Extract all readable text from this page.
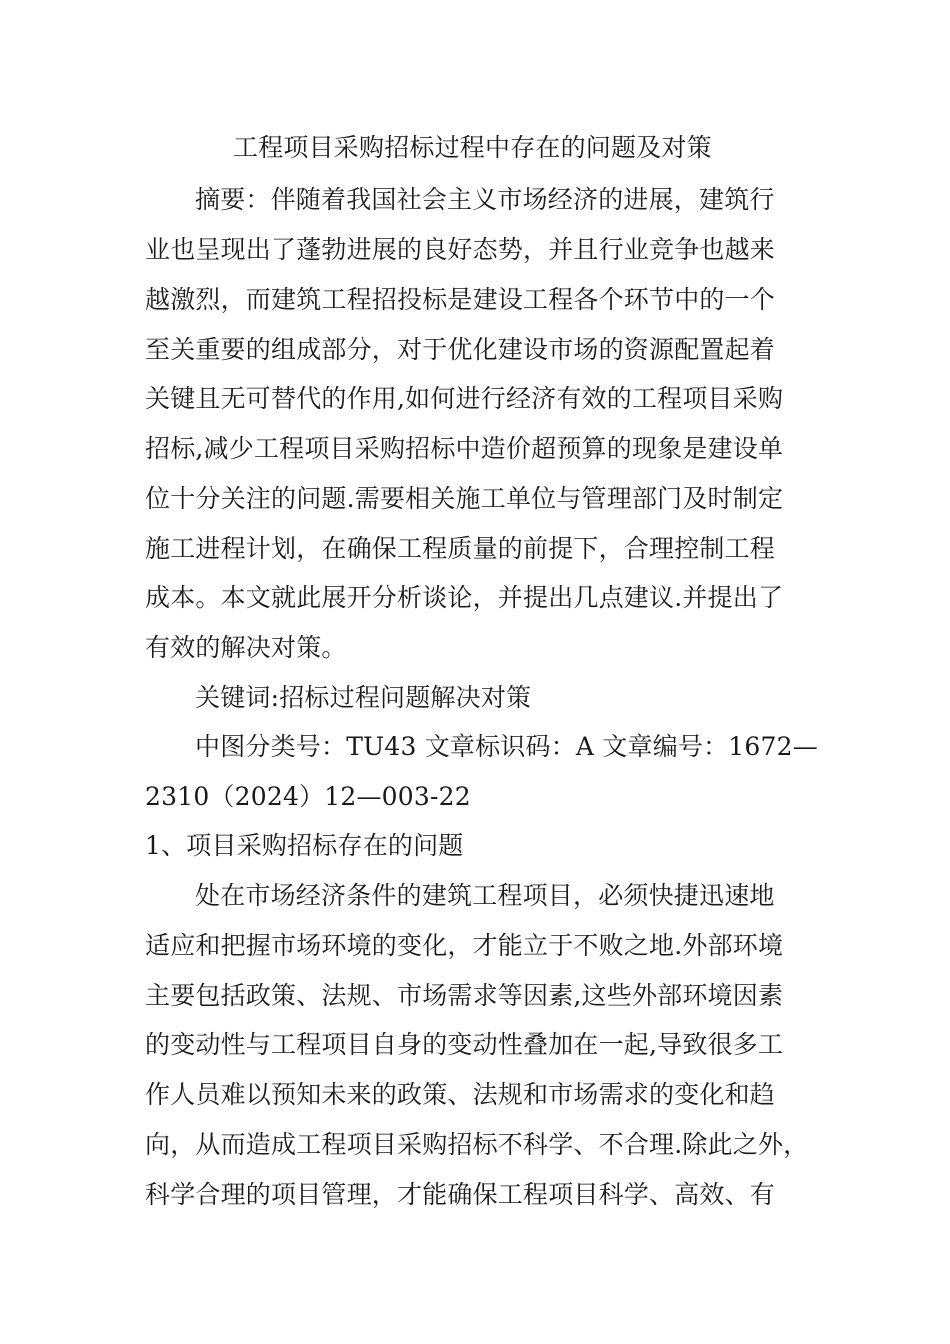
工程项目采购招标过程中存在的问题及对策
摘要：伴随着我国社会主义市场经济的进展，建筑行
业也呈现出了蓬勃进展的良好态势，并且行业竞争也越来
越激烈，而建筑工程招投标是建设工程各个环节中的一个
至关重要的组成部分，对于优化建设市场的资源配置起着
关键且无可替代的作用,如何进行经济有效的工程项目采购
招标,减少工程项目采购招标中造价超预算的现象是建设单
位十分关注的问题.需要相关施工单位与管理部门及时制定
施工进程计划，在确保工程质量的前提下，合理控制工程
成本。本文就此展开分析谈论，并提出几点建议.并提出了
有效的解决对策。
关键词:招标过程问题解决对策
中图分类号：TU43 文章标识码：A 文章编号：1672—
2310（2024）12—003-22
1、项目采购招标存在的问题
处在市场经济条件的建筑工程项目，必须快捷迅速地
适应和把握市场环境的变化，才能立于不败之地.外部环境
主要包括政策、法规、市场需求等因素,这些外部环境因素
的变动性与工程项目自身的变动性叠加在一起,导致很多工
作人员难以预知未来的政策、法规和市场需求的变化和趋
向，从而造成工程项目采购招标不科学、不合理.除此之外，
科学合理的项目管理，才能确保工程项目科学、高效、有
